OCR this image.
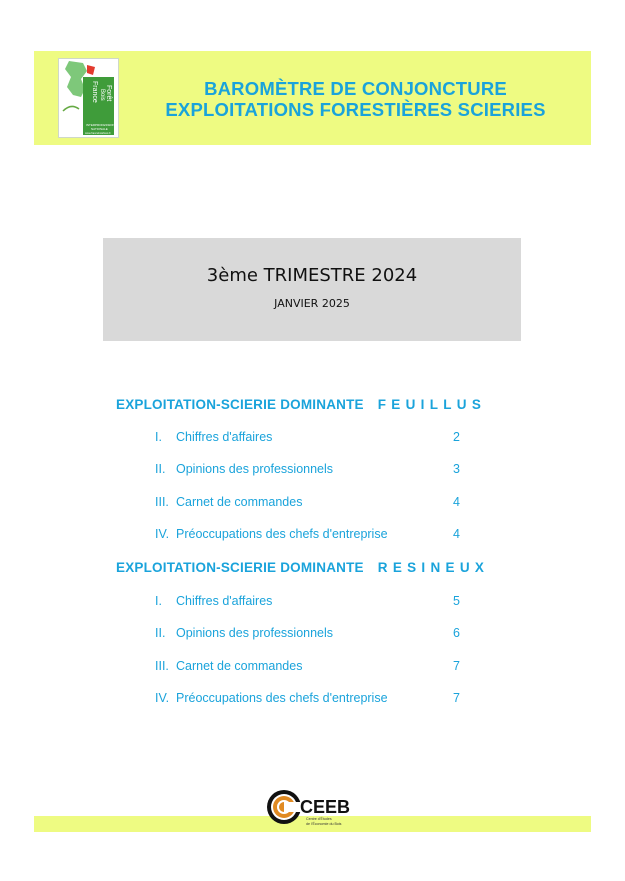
France Bois Forêt
INTERPROFESSION
NATIONALE
www.franceboisforet.fr
BAROMÈTRE DE CONJONCTURE
EXPLOITATIONS FORESTIÈRES SCIERIES
3ème TRIMESTRE 2024
JANVIER 2025
EXPLOITATION-SCIERIE DOMINANTE FEUILLUS
I.	Chiffres d'affaires	2
II. Opinions des professionnels	3
III. Carnet de commandes	4
IV. Préoccupations des chefs d'entreprise	4
EXPLOITATION-SCIERIE DOMINANTE RESINEUX
I.	Chiffres d'affaires	5
II. Opinions des professionnels	6
III. Carnet de commandes	7
IV. Préoccupations des chefs d'entreprise	7
CEEB
Centre d'Études
de l'Économie du Bois
